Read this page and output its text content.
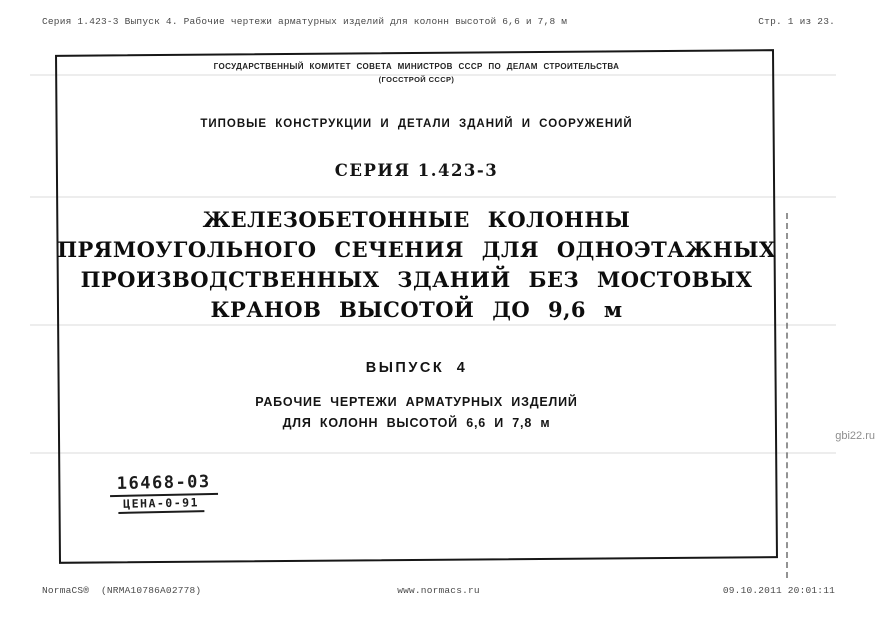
Серия 1.423-3 Выпуск 4. Рабочие чертежи арматурных изделий для колонн высотой 6,6 и 7,8 м

	Стр. 1 из 23.

ГОСУДАРСТВЕННЫЙ КОМИТЕТ СОВЕТА МИНИСТРОВ СССР ПО ДЕЛАМ СТРОИТЕЛЬСТВА
(ГОССТРОЙ СССР)
ТИПОВЫЕ КОНСТРУКЦИИ И ДЕТАЛИ ЗДАНИЙ И СООРУЖЕНИЙ
СЕРИЯ 1.423-3
ЖЕЛЕЗОБЕТОННЫЕ КОЛОННЫ
ПРЯМОУГОЛЬНОГО СЕЧЕНИЯ ДЛЯ ОДНОЭТАЖНЫХ
ПРОИЗВОДСТВЕННЫХ ЗДАНИЙ БЕЗ МОСТОВЫХ
КРАНОВ ВЫСОТОЙ ДО 9,6 м
ВЫПУСК 4
РАБОЧИЕ ЧЕРТЕЖИ АРМАТУРНЫХ ИЗДЕЛИЙ
ДЛЯ КОЛОНН ВЫСОТОЙ 6,6 И 7,8 м
16468-03
ЦЕНА-0-91
gbi22.ru

www.normacs.ru

NormaCS®  (NRMA10786A02778)

	09.10.2011 20:01:11
